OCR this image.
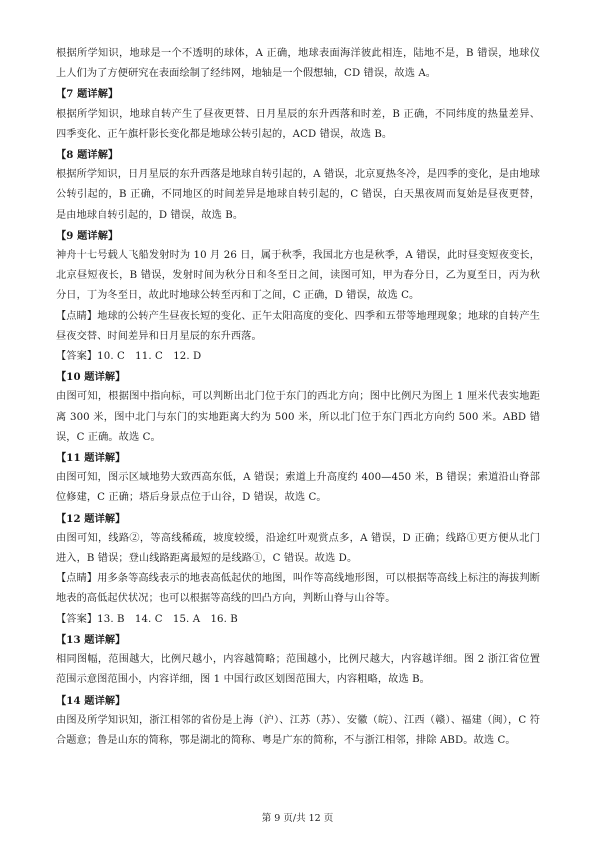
根据所学知识，地球是一个不透明的球体，A 正确，地球表面海洋彼此相连，陆地不是，B 错误，地球仪上人们为了方便研究在表面绘制了经纬网，地轴是一个假想轴，CD 错误，故选 A。

【7 题详解】

根据所学知识，地球自转产生了昼夜更替、日月星辰的东升西落和时差，B 正确，不同纬度的热量差异、四季变化、正午旗杆影长变化都是地球公转引起的，ACD 错误，故选 B。

【8 题详解】

根据所学知识，日月星辰的东升西落是地球自转引起的，A 错误，北京夏热冬冷，是四季的变化，是由地球公转引起的，B 正确，不同地区的时间差异是地球自转引起的，C 错误，白天黑夜周而复始是昼夜更替，是由地球自转引起的，D 错误，故选 B。

【9 题详解】

神舟十七号载人飞船发射时为 10 月 26 日，属于秋季，我国北方也是秋季，A 错误，此时昼变短夜变长，北京昼短夜长，B 错误，发射时间为秋分日和冬至日之间，读图可知，甲为春分日，乙为夏至日，丙为秋分日，丁为冬至日，故此时地球公转至丙和丁之间，C 正确，D 错误，故选 C。

【点睛】地球的公转产生昼夜长短的变化、正午太阳高度的变化、四季和五带等地理现象；地球的自转产生昼夜交替、时间差异和日月星辰的东升西落。

【答案】10. C　11. C　12. D

【10 题详解】

由图可知，根据图中指向标，可以判断出北门位于东门的西北方向；图中比例尺为图上 1 厘米代表实地距离 300 米，图中北门与东门的实地距离大约为 500 米，所以北门位于东门西北方向约 500 米。ABD 错误，C 正确。故选 C。

【11 题详解】

由图可知，图示区域地势大致西高东低，A 错误；索道上升高度约 400—450 米，B 错误；索道沿山脊部位修建，C 正确；塔后身景点位于山谷，D 错误，故选 C。

【12 题详解】

由图可知，线路②，等高线稀疏，坡度较缓，沿途红叶观赏点多，A 错误，D 正确；线路①更方便从北门进入，B 错误；登山线路距离最短的是线路①，C 错误。故选 D。

【点睛】用多条等高线表示的地表高低起伏的地图，叫作等高线地形图，可以根据等高线上标注的海拔判断地表的高低起伏状况；也可以根据等高线的凹凸方向，判断山脊与山谷等。

【答案】13. B　14. C　15. A　16. B

【13 题详解】

相同图幅，范围越大，比例尺越小，内容越简略；范围越小，比例尺越大，内容越详细。图 2 浙江省位置范围示意图范围小，内容详细，图 1 中国行政区划图范围大，内容粗略，故选 B。

【14 题详解】

由图及所学知识知，浙江相邻的省份是上海（沪）、江苏（苏）、安徽（皖）、江西（赣）、福建（闽），C 符合题意；鲁是山东的简称，鄂是湖北的简称、粤是广东的简称，不与浙江相邻，排除 ABD。故选 C。

第 9 页/共 12 页
